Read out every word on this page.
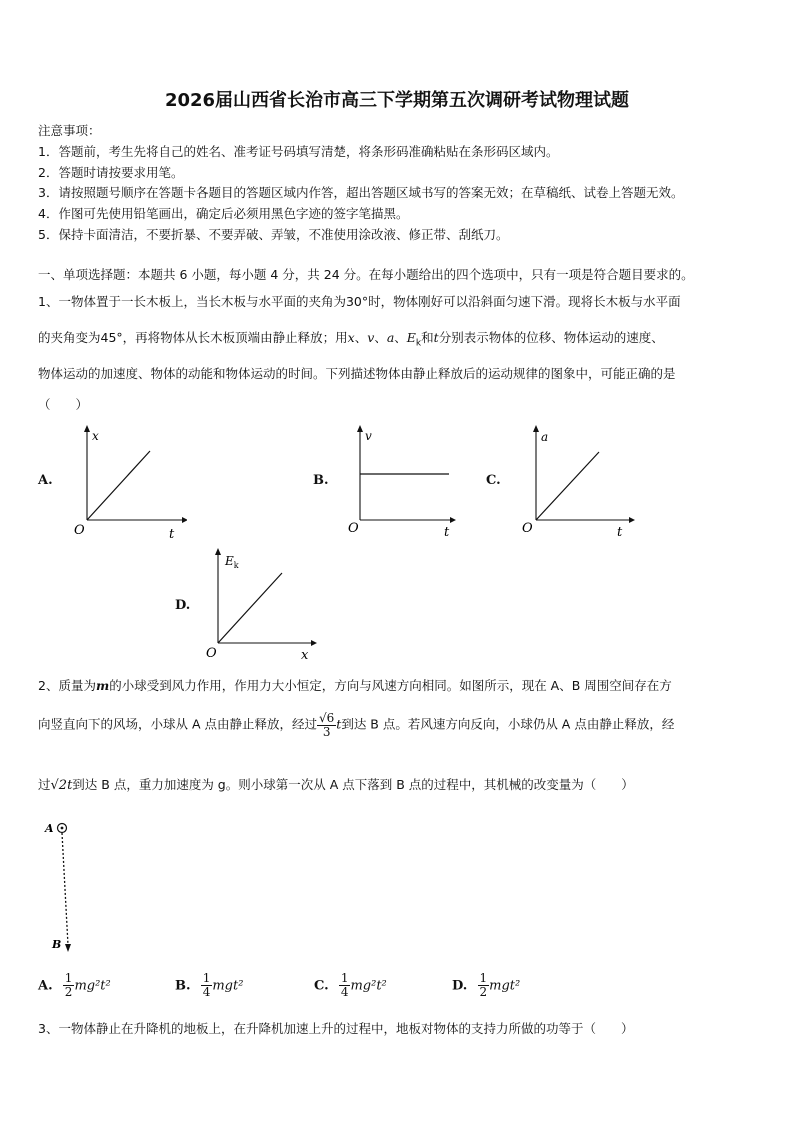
2026届山西省长治市高三下学期第五次调研考试物理试题
注意事项：
1．答题前，考生先将自己的姓名、准考证号码填写清楚，将条形码准确粘贴在条形码区域内。
2．答题时请按要求用笔。
3．请按照题号顺序在答题卡各题目的答题区域内作答，超出答题区域书写的答案无效；在草稿纸、试卷上答题无效。
4．作图可先使用铅笔画出，确定后必须用黑色字迹的签字笔描黑。
5．保持卡面清洁，不要折暴、不要弄破、弄皱，不准使用涂改液、修正带、刮纸刀。
一、单项选择题：本题共 6 小题，每小题 4 分，共 24 分。在每小题给出的四个选项中，只有一项是符合题目要求的。
1、一物体置于一长木板上，当长木板与水平面的夹角为30°时，物体刚好可以沿斜面匀速下滑。现将长木板与水平面
的夹角变为45°，再将物体从长木板顶端由静止释放；用x、v、a、$E_k$和t分别表示物体的位移、物体运动的速度、
物体运动的加速度、物体的动能和物体运动的时间。下列描述物体由静止释放后的运动规律的图象中，可能正确的是
（　　）
A.
x
t
O
B.
v
t
O
C.
a
t
O
D.
$E_k$
x
O
2、质量为m的小球受到风力作用，作用力大小恒定，方向与风速方向相同。如图所示，现在 A、B 周围空间存在方
向竖直向下的风场，小球从 A 点由静止释放，经过 $\frac{√6}{3}$ t到达 B 点。若风速方向反向，小球仍从 A 点由静止释放，经
过√2t到达 B 点，重力加速度为 g。则小球第一次从 A 点下落到 B 点的过程中，其机械的改变量为（　　）
A
B
A. $\frac{1}{2} mg^2t^2$	B. $\frac{1}{4} mgt^2$	C. $\frac{1}{4} mg^2t^2$	D. $\frac{1}{2} mgt^2$
3、一物体静止在升降机的地板上，在升降机加速上升的过程中，地板对物体的支持力所做的功等于（　　）
